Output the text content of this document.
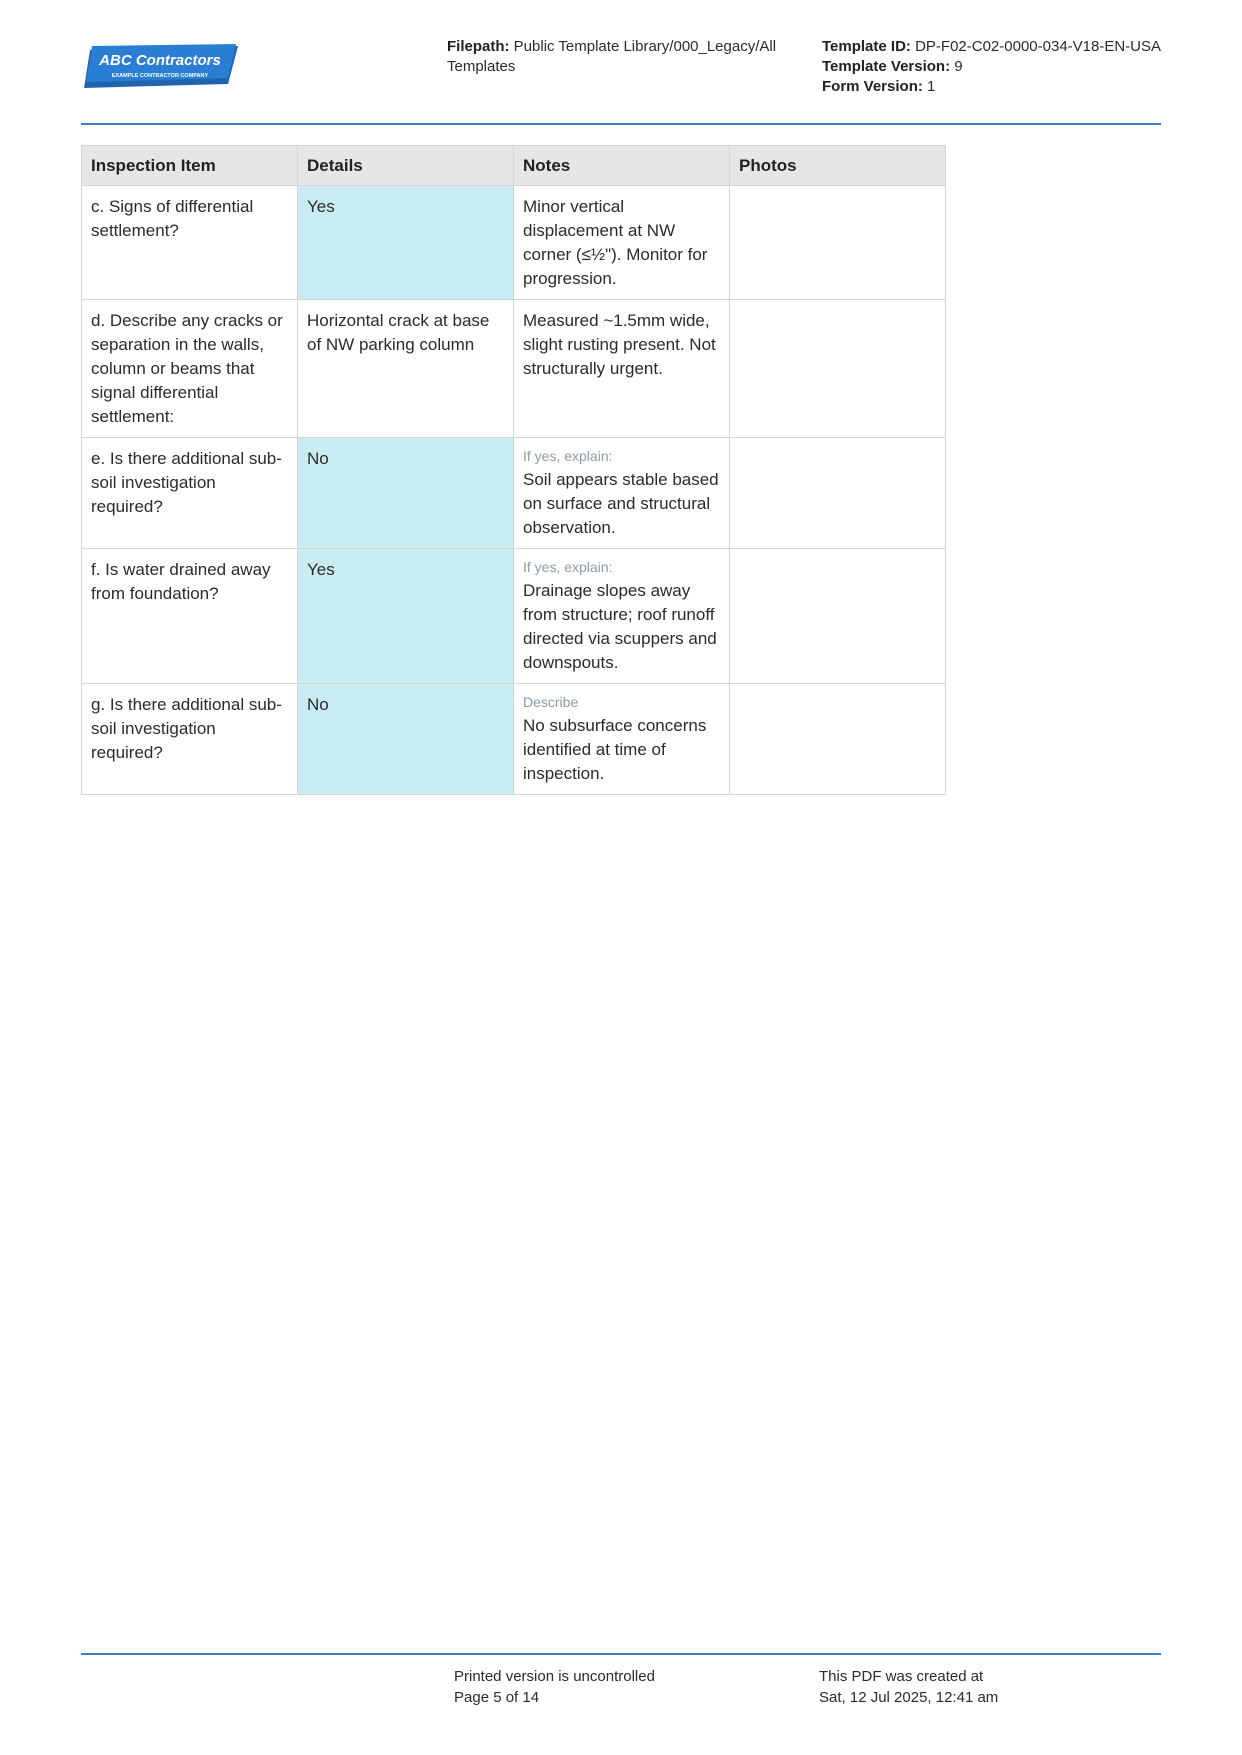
ABC Contractors
EXAMPLE CONTRACTOR COMPANY
Filepath: Public Template Library/000_Legacy/All Templates
Template ID: DP-F02-C02-0000-034-V18-EN-USA
Template Version: 9
Form Version: 1
Inspection Item	Details	Notes	Photos
c. Signs of differential settlement?	Yes	Minor vertical displacement at NW corner (≤½"). Monitor for progression.	
d. Describe any cracks or separation in the walls, column or beams that signal differential settlement:	Horizontal crack at base of NW parking column	Measured ~1.5mm wide, slight rusting present. Not structurally urgent.	
e. Is there additional sub-soil investigation required?	No	If yes, explain:
Soil appears stable based on surface and structural observation.	
f. Is water drained away from foundation?	Yes	If yes, explain:
Drainage slopes away from structure; roof runoff directed via scuppers and downspouts.	
g. Is there additional sub-soil investigation required?	No	Describe
No subsurface concerns identified at time of inspection.	
Printed version is uncontrolled
Page 5 of 14
This PDF was created at
Sat, 12 Jul 2025, 12:41 am
